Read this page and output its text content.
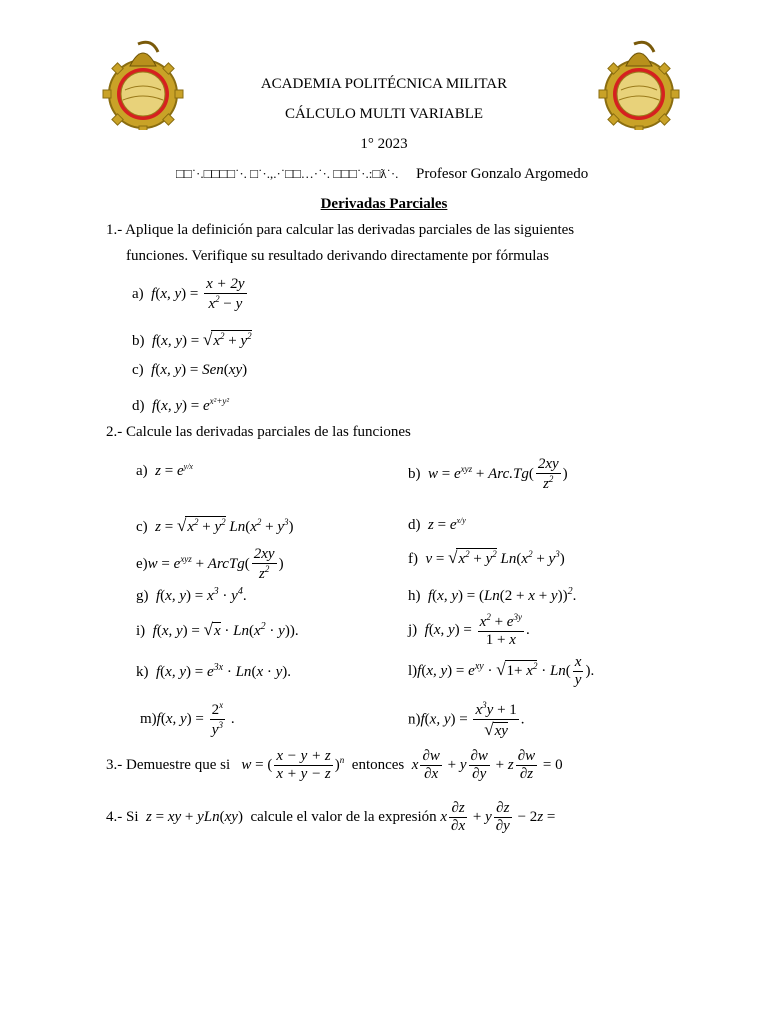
ACADEMIA POLITÉCNICA MILITAR
CÁLCULO MULTI VARIABLE
1° 2023
□□˙·.□□□□˙·. □˙·.,.·˙□□…·˙·. □□□˙·.:□ƛ˙·. Profesor Gonzalo Argomedo
Derivadas Parciales
1.- Aplique la definición para calcular las derivadas parciales de las siguientes
funciones. Verifique su resultado derivando directamente por fórmulas
a)  f(x, $y) = \frac{x + 2y}{x^2 - y}$
b)  f(x, $y) = √x^2 + y^2$
c)  f(x, y) = Sen(xy)
d)  f(x, $y) = e^{x^2+y^2}$
2.- Calcule las derivadas parciales de las funciones
a)  $z = e^{y/x}$	b)  $w = e^{xyz} + Arc.Tg( \frac{2xy}{z^2}$ )
c)  $z = √x^2 + y^2$ $Ln(x^2 + y^3)$	d)  $z = e^{x/y}$
$e)w = e^{xyz}$ + ArcTg( $\frac{2xy}{z^2}$ )	f)  $v = √x^2 + y^2$ $Ln(x^2 + y^3)$
g)  f(x, $y) = x^3 \cdot y^4$.	h)  f(x, $y) = (Ln(2 + x + y))^2$.
i)  f(x, $y) = √x \cdot Ln(x^2 \cdot y)$).	j)  f(x, $y) = \frac{x^2 + e^{3y}}{1 + x}$ .
k)  f(x, $y) = e^{3x} \cdot Ln(x \cdot y)$.	l)f(x, $y) = e^{xy} \cdot √1+ x^2 \cdot Ln( \frac{x}{y}$ ).
m)f(x, $y) = \frac{2^x}{y^3}$ .	n)f(x, $y) = \frac{x^3y + 1}{√xy}$ .
3.- Demuestre que si w = ( $\frac{x - y + z}{x + y - z} )^n$ entonces x $\frac{\partial w}{\partial x} + y \frac{\partial w}{\partial y} + z \frac{\partial w}{\partial z} = 0$
4.- Si z = xy + yLn(xy)  calcule el valor de la expresión x $\frac{\partial z}{\partial x} + y \frac{\partial z}{\partial y} - 2z$ =
